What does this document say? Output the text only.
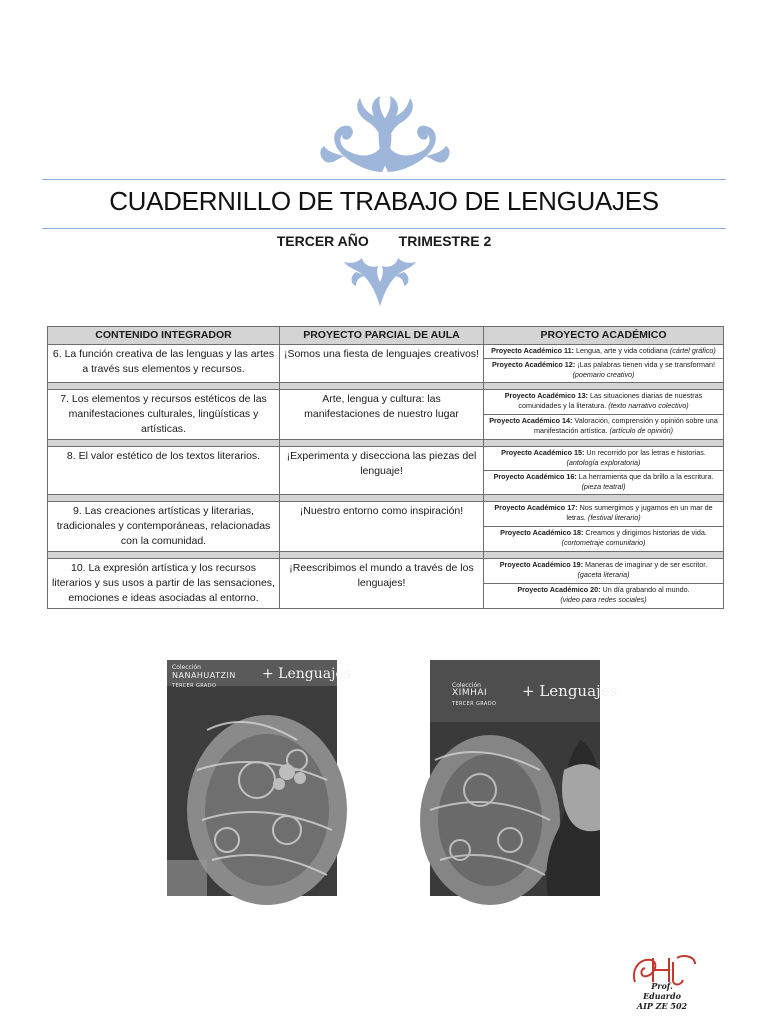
CUADERNILLO DE TRABAJO DE LENGUAJES
TERCER AÑO TRIMESTRE 2
CONTENIDO INTEGRADOR	PROYECTO PARCIAL DE AULA	PROYECTO ACADÉMICO
6. La función creativa de las lenguas y las artes a través sus elementos y recursos.	¡Somos una fiesta de lenguajes creativos!	Proyecto Académico 11: Lengua, arte y vida cotidiana (cártel gráfico)
		Proyecto Académico 12: ¡Las palabras tienen vida y se transforman!
(poemario creativo)

7. Los elementos y recursos estéticos de las manifestaciones culturales, lingüísticas y artísticas.	Arte, lengua y cultura: las manifestaciones de nuestro lugar	Proyecto Académico 13: Las situaciones diarias de nuestras comunidades y la literatura. (texto narrativo colectivo)
		Proyecto Académico 14: Valoración, comprensión y opinión sobre una manifestación artística. (artículo de opinión)

8. El valor estético de los textos literarios.	¡Experimenta y disecciona las piezas del lenguaje!	Proyecto Académico 15: Un recorrido por las letras e historias.
(antología exploratoria)
		Proyecto Académico 16: La herramienta que da brillo a la escritura.
(pieza teatral)

9. Las creaciones artísticas y literarias, tradicionales y contemporáneas, relacionadas con la comunidad.	¡Nuestro entorno como inspiración!	Proyecto Académico 17: Nos sumergimos y jugamos en un mar de letras. (festival literario)
		Proyecto Académico 18: Creamos y dirigimos historias de vida.
(cortometraje comunitario)

10. La expresión artística y los recursos literarios y sus usos a partir de las sensaciones, emociones e ideas asociadas al entorno.	¡Reescribimos el mundo a través de los lenguajes!	Proyecto Académico 19: Maneras de imaginar y de ser escritor.
(gaceta literaria)
		Proyecto Académico 20: Un día grabando al mundo.
(video para redes sociales)
Colección
NANAHUATZIN
TERCER GRADO
+ Lenguajes
Colección
XIMHAI
TERCER GRADO
+ Lenguajes
Prof.
Eduardo
AIP ZE 502
